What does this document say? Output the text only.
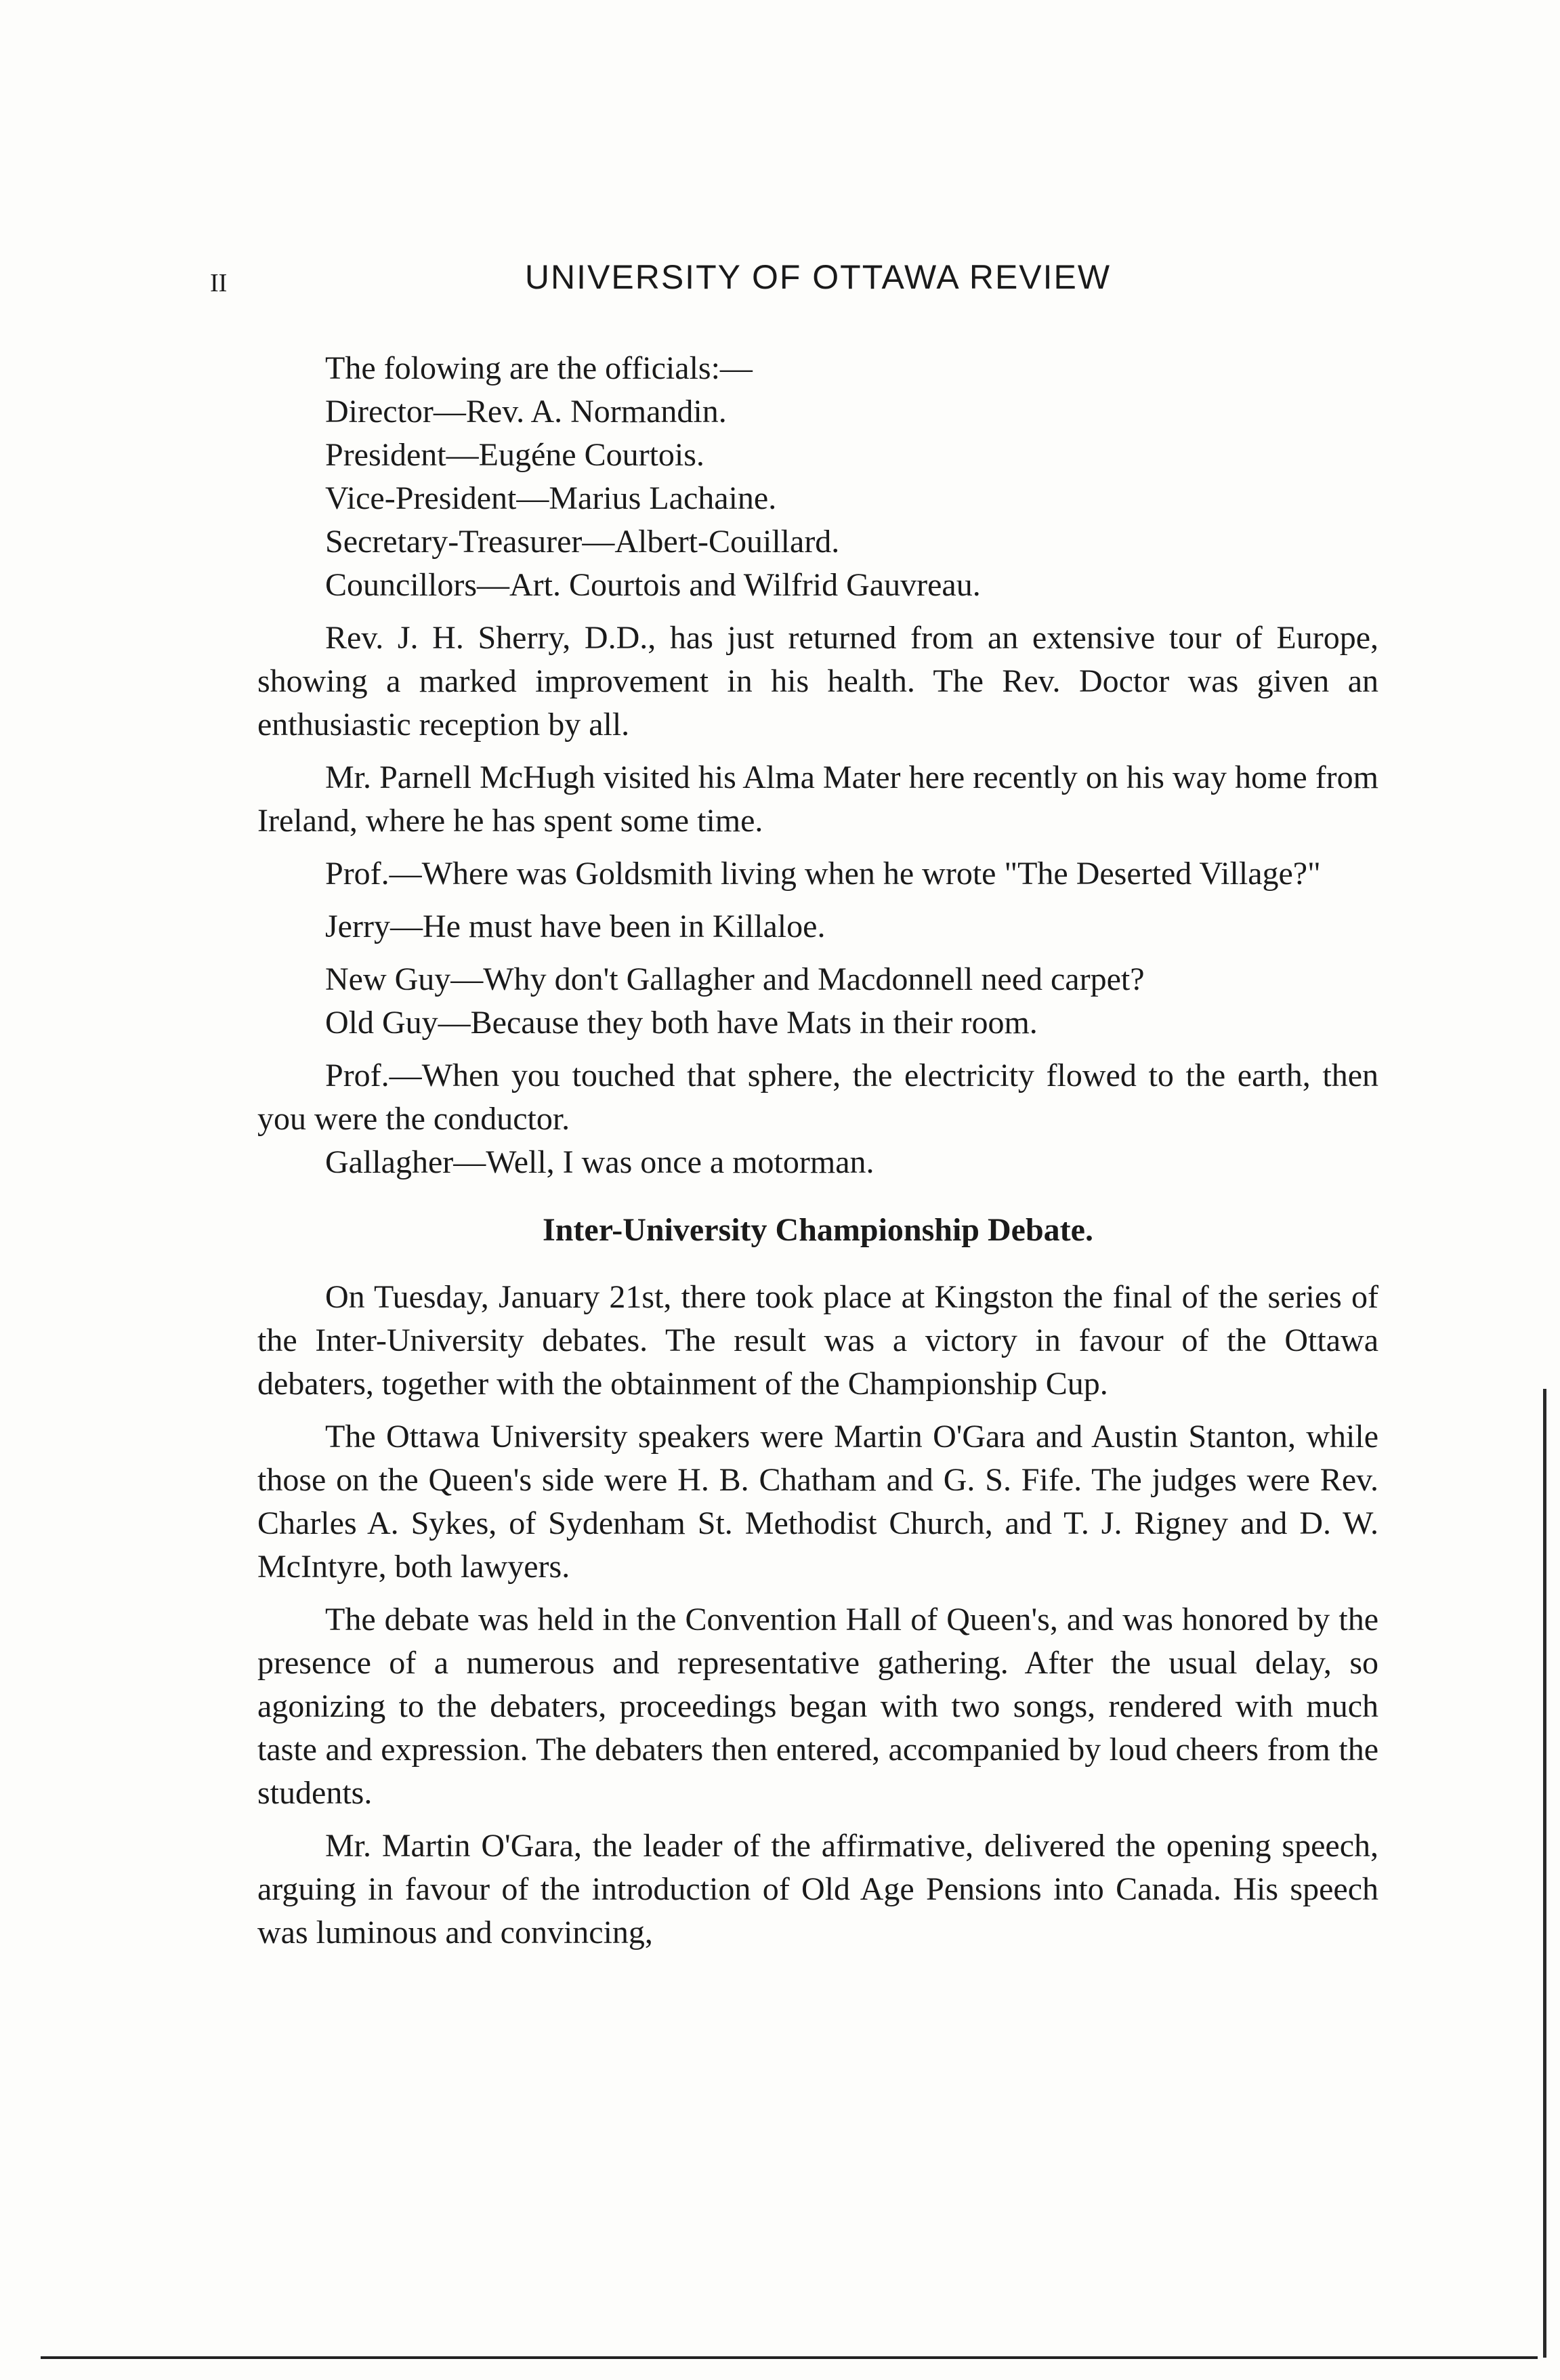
II	UNIVERSITY OF OTTAWA REVIEW
The folowing are the officials:—
Director—Rev. A. Normandin.
President—Eugéne Courtois.
Vice-President—Marius Lachaine.
Secretary-Treasurer—Albert-Couillard.
Councillors—Art. Courtois and Wilfrid Gauvreau.

Rev. J. H. Sherry, D.D., has just returned from an extensive tour of Europe, showing a marked improvement in his health. The Rev. Doctor was given an enthusiastic reception by all.

Mr. Parnell McHugh visited his Alma Mater here recently on his way home from Ireland, where he has spent some time.

Prof.—Where was Goldsmith living when he wrote "The Deserted Village?"

Jerry—He must have been in Killaloe.

New Guy—Why don't Gallagher and Macdonnell need carpet?

Old Guy—Because they both have Mats in their room.

Prof.—When you touched that sphere, the electricity flowed to the earth, then you were the conductor.

Gallagher—Well, I was once a motorman.

Inter-University Championship Debate.

On Tuesday, January 21st, there took place at Kingston the final of the series of the Inter-University debates. The result was a victory in favour of the Ottawa debaters, together with the obtainment of the Championship Cup.

The Ottawa University speakers were Martin O'Gara and Austin Stanton, while those on the Queen's side were H. B. Chatham and G. S. Fife. The judges were Rev. Charles A. Sykes, of Sydenham St. Methodist Church, and T. J. Rigney and D. W. McIntyre, both lawyers.

The debate was held in the Convention Hall of Queen's, and was honored by the presence of a numerous and representative gathering. After the usual delay, so agonizing to the debaters, proceedings began with two songs, rendered with much taste and expression. The debaters then entered, accompanied by loud cheers from the students.

Mr. Martin O'Gara, the leader of the affirmative, delivered the opening speech, arguing in favour of the introduction of Old Age Pensions into Canada. His speech was luminous and convincing,
